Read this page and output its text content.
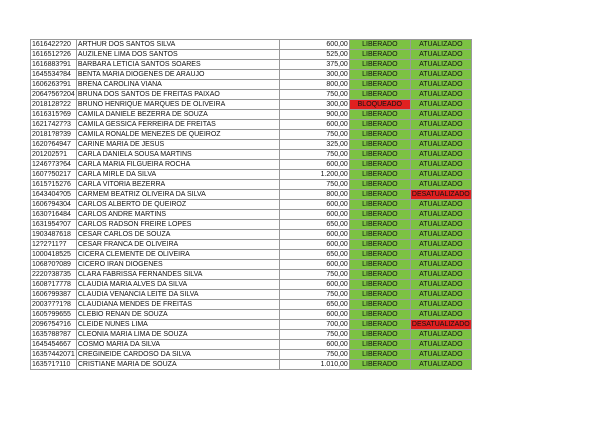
1616422?20	ARTHUR DOS SANTOS SILVA	600,00	LIBERADO	ATUALIZADO
1616512?26	AUZILENE LIMA DOS SANTOS	525,00	LIBERADO	ATUALIZADO
1616883?91	BARBARA LETICIA SANTOS SOARES	375,00	LIBERADO	ATUALIZADO
1645534?84	BENTA MARIA DIOGENES DE ARAUJO	300,00	LIBERADO	ATUALIZADO
1606263?91	BRENA CAROLINA VIANA	800,00	LIBERADO	ATUALIZADO
2064?56?204	BRUNA DOS SANTOS DE FREITAS PAIXAO	750,00	LIBERADO	ATUALIZADO
2018128?22	BRUNO HENRIQUE MARQUES DE OLIVEIRA	300,00	BLOQUEADO	ATUALIZADO
1616315?69	CAMILA DANIELE BEZERRA DE SOUZA	900,00	LIBERADO	ATUALIZADO
16217427?3	CAMILA GESSICA FERREIRA DE FREITAS	600,00	LIBERADO	ATUALIZADO
20181?8?39	CAMILA RONALDE MENEZES DE QUEIROZ	750,00	LIBERADO	ATUALIZADO
1620?64947	CARINE MARIA DE JESUS	325,00	LIBERADO	ATUALIZADO
2012025?1	CARLA DANIELA SOUSA MARTINS	750,00	LIBERADO	ATUALIZADO
1246?73?64	CARLA MARIA FILGUEIRA ROCHA	600,00	LIBERADO	ATUALIZADO
1607?50217	CARLA MIRLE DA SILVA	1.200,00	LIBERADO	ATUALIZADO
1615?15276	CARLA VITORIA BEZERRA	750,00	LIBERADO	ATUALIZADO
1643404?05	CARMEM BEATRIZ OLIVEIRA DA SILVA	800,00	LIBERADO	DESATUALIZADO
1606?94304	CARLOS ALBERTO DE QUEIROZ	600,00	LIBERADO	ATUALIZADO
1630?16484	CARLOS ANDRE MARTINS	600,00	LIBERADO	ATUALIZADO
1631954?07	CARLOS RADSON FREIRE LOPES	650,00	LIBERADO	ATUALIZADO
1903487618	CESAR CARLOS DE SOUZA	600,00	LIBERADO	ATUALIZADO
12?2?11?7	CESAR FRANCA DE OLIVEIRA	600,00	LIBERADO	ATUALIZADO
1000418525	CICERA CLEMENTE DE OLIVEIRA	650,00	LIBERADO	ATUALIZADO
1068?0?089	CICERO IRAN DIOGENES	600,00	LIBERADO	ATUALIZADO
2220?38735	CLARA FABRISSA FERNANDES SILVA	750,00	LIBERADO	ATUALIZADO
1608?17778	CLAUDIA MARIA ALVES DA SILVA	600,00	LIBERADO	ATUALIZADO
1606?99387	CLAUDIA VENANCIA LEITE DA SILVA	750,00	LIBERADO	ATUALIZADO
2003?7?1?8	CLAUDIANA MENDES DE FREITAS	650,00	LIBERADO	ATUALIZADO
1605?99655	CLEBIO RENAN DE SOUZA	600,00	LIBERADO	ATUALIZADO
2096?54?16	CLEIDE NUNES LIMA	700,00	LIBERADO	DESATUALIZADO
1635?88?87	CLEONIA MARIA LIMA DE SOUZA	750,00	LIBERADO	ATUALIZADO
1645454667	COSMO MARIA DA SILVA	600,00	LIBERADO	ATUALIZADO
1635?442071	CREGINEIDE CARDOSO DA SILVA	750,00	LIBERADO	ATUALIZADO
1635?1?110	CRISTIANE MARIA DE SOUZA	1.010,00	LIBERADO	ATUALIZADO
